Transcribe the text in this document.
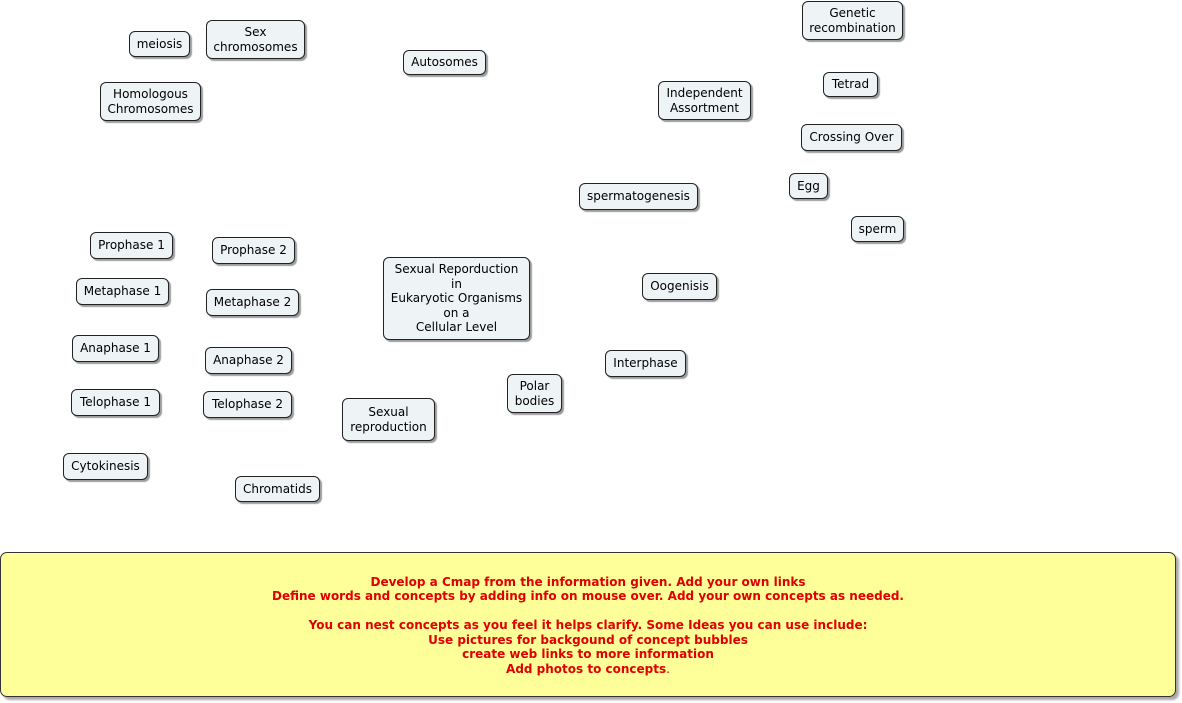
meiosis
Sex
chromosomes
Autosomes
Genetic
recombination
Homologous
Chromosomes
Independent
Assortment
Tetrad
Crossing Over
Egg
spermatogenesis
sperm
Prophase 1	Prophase 2
Sexual Reporduction
in
Eukaryotic Organisms
on a
Cellular Level
Metaphase 1
Metaphase 2
Oogenisis
Anaphase 1
Anaphase 2	Interphase
Telophase 1	Telophase 2
Polar
bodies
Sexual
reproduction
Cytokinesis
Chromatids
Develop a Cmap from the information given. Add your own links
Define words and concepts by adding info on mouse over. Add your own concepts as needed.

You can nest concepts as you feel it helps clarify. Some Ideas you can use include:
Use pictures for backgound of concept bubbles
create web links to more information
Add photos to concepts.
